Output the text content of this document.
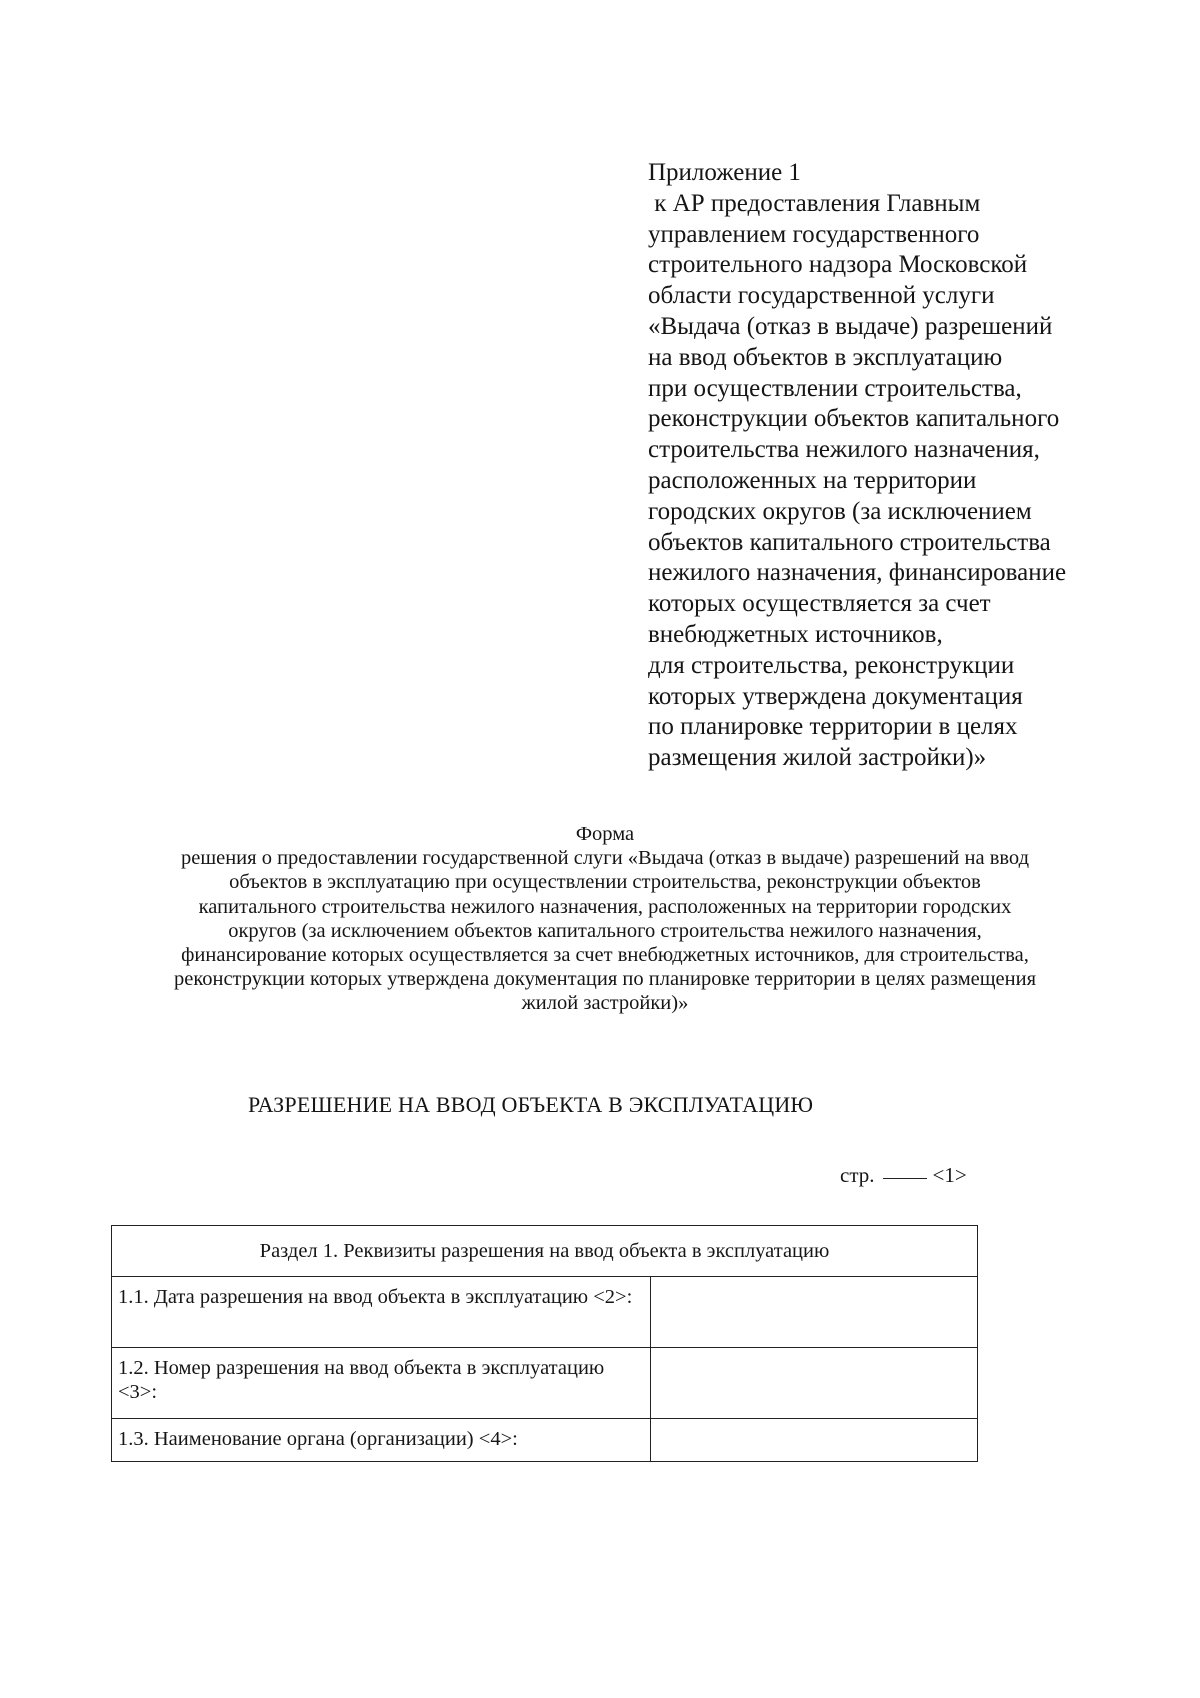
Приложение 1
к АР предоставления Главным
управлением государственного
строительного надзора Московской
области государственной услуги
«Выдача (отказ в выдаче) разрешений
на ввод объектов в эксплуатацию
при осуществлении строительства,
реконструкции объектов капитального
строительства нежилого назначения,
расположенных на территории
городских округов (за исключением
объектов капитального строительства
нежилого назначения, финансирование
которых осуществляется за счет
внебюджетных источников,
для строительства, реконструкции
которых утверждена документация
по планировке территории в целях
размещения жилой застройки)»
Форма
решения о предоставлении государственной слуги «Выдача (отказ в выдаче) разрешений на ввод
объектов в эксплуатацию при осуществлении строительства, реконструкции объектов
капитального строительства нежилого назначения, расположенных на территории городских
округов (за исключением объектов капитального строительства нежилого назначения,
финансирование которых осуществляется за счет внебюджетных источников, для строительства,
реконструкции которых утверждена документация по планировке территории в целях размещения
жилой застройки)»
РАЗРЕШЕНИЕ НА ВВОД ОБЪЕКТА В ЭКСПЛУАТАЦИЮ
стр.	<1>
Раздел 1. Реквизиты разрешения на ввод объекта в эксплуатацию	
1.1. Дата разрешения на ввод объекта в эксплуатацию <2>:	
1.2. Номер разрешения на ввод объекта в эксплуатацию <3>:	
1.3. Наименование органа (организации) <4>:	
